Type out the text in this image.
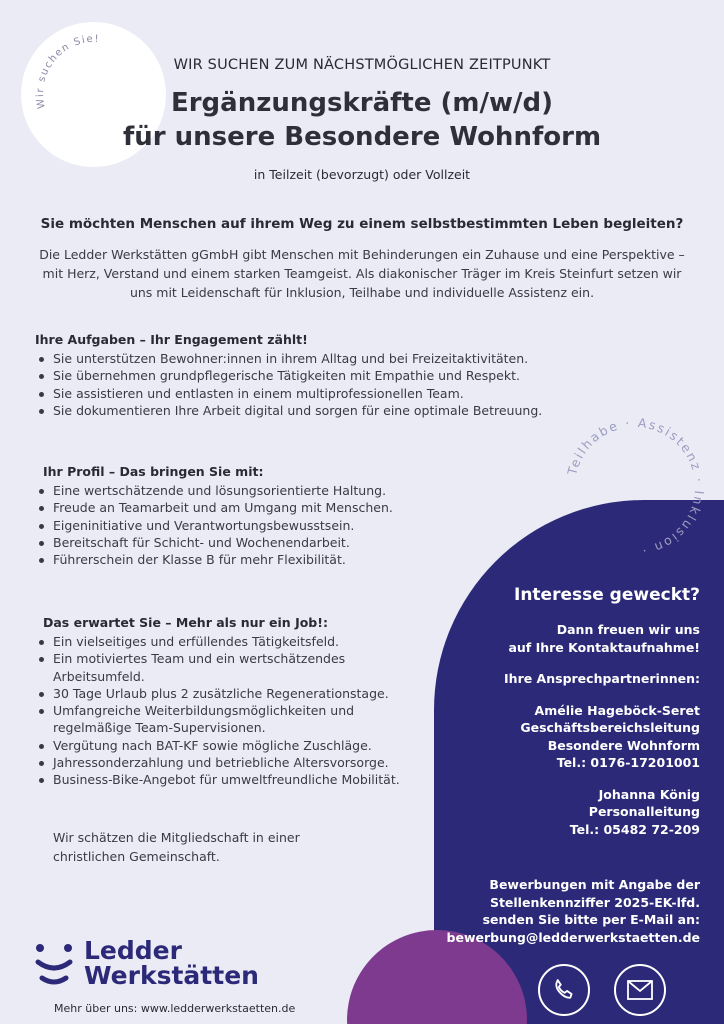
Wir suchen Sie!
Teilhabe · Assistenz · Inklusion ·
WIR SUCHEN ZUM NÄCHSTMÖGLICHEN ZEITPUNKT
Ergänzungskräfte (m/w/d)
für unsere Besondere Wohnform
in Teilzeit (bevorzugt) oder Vollzeit
Sie möchten Menschen auf ihrem Weg zu einem selbstbestimmten Leben begleiten?
Die Ledder Werkstätten gGmbH gibt Menschen mit Behinderungen ein Zuhause und eine Perspektive – mit Herz, Verstand und einem starken Teamgeist. Als diakonischer Träger im Kreis Steinfurt setzen wir uns mit Leidenschaft für Inklusion, Teilhabe und individuelle Assistenz ein.
Ihre Aufgaben – Ihr Engagement zählt!
Sie unterstützen Bewohner:innen in ihrem Alltag und bei Freizeitaktivitäten.
Sie übernehmen grundpflegerische Tätigkeiten mit Empathie und Respekt.
Sie assistieren und entlasten in einem multiprofessionellen Team.
Sie dokumentieren Ihre Arbeit digital und sorgen für eine optimale Betreuung.
Ihr Profil – Das bringen Sie mit:
Eine wertschätzende und lösungsorientierte Haltung.
Freude an Teamarbeit und am Umgang mit Menschen.
Eigeninitiative und Verantwortungsbewusstsein.
Bereitschaft für Schicht- und Wochenendarbeit.
Führerschein der Klasse B für mehr Flexibilität.
Das erwartet Sie – Mehr als nur ein Job!:
Ein vielseitiges und erfüllendes Tätigkeitsfeld.
Ein motiviertes Team und ein wertschätzendes Arbeitsumfeld.
30 Tage Urlaub plus 2 zusätzliche Regenerationstage.
Umfangreiche Weiterbildungsmöglichkeiten und regelmäßige Team-Supervisionen.
Vergütung nach BAT-KF sowie mögliche Zuschläge.
Jahressonderzahlung und betriebliche Altersvorsorge.
Business-Bike-Angebot für umweltfreundliche Mobilität.
Wir schätzen die Mitgliedschaft in einer christlichen Gemeinschaft.
Interesse geweckt?
Dann freuen wir uns
auf Ihre Kontaktaufnahme!
Ihre Ansprechpartnerinnen:
Amélie Hageböck-Seret
Geschäftsbereichsleitung
Besondere Wohnform
Tel.: 0176-17201001
Johanna König
Personalleitung
Tel.: 05482 72-209
Bewerbungen mit Angabe der
Stellenkennziffer 2025-EK-lfd.
senden Sie bitte per E-Mail an:
bewerbung@ledderwerkstaetten.de
Ledder
Werkstätten
Mehr über uns: www.ledderwerkstaetten.de
